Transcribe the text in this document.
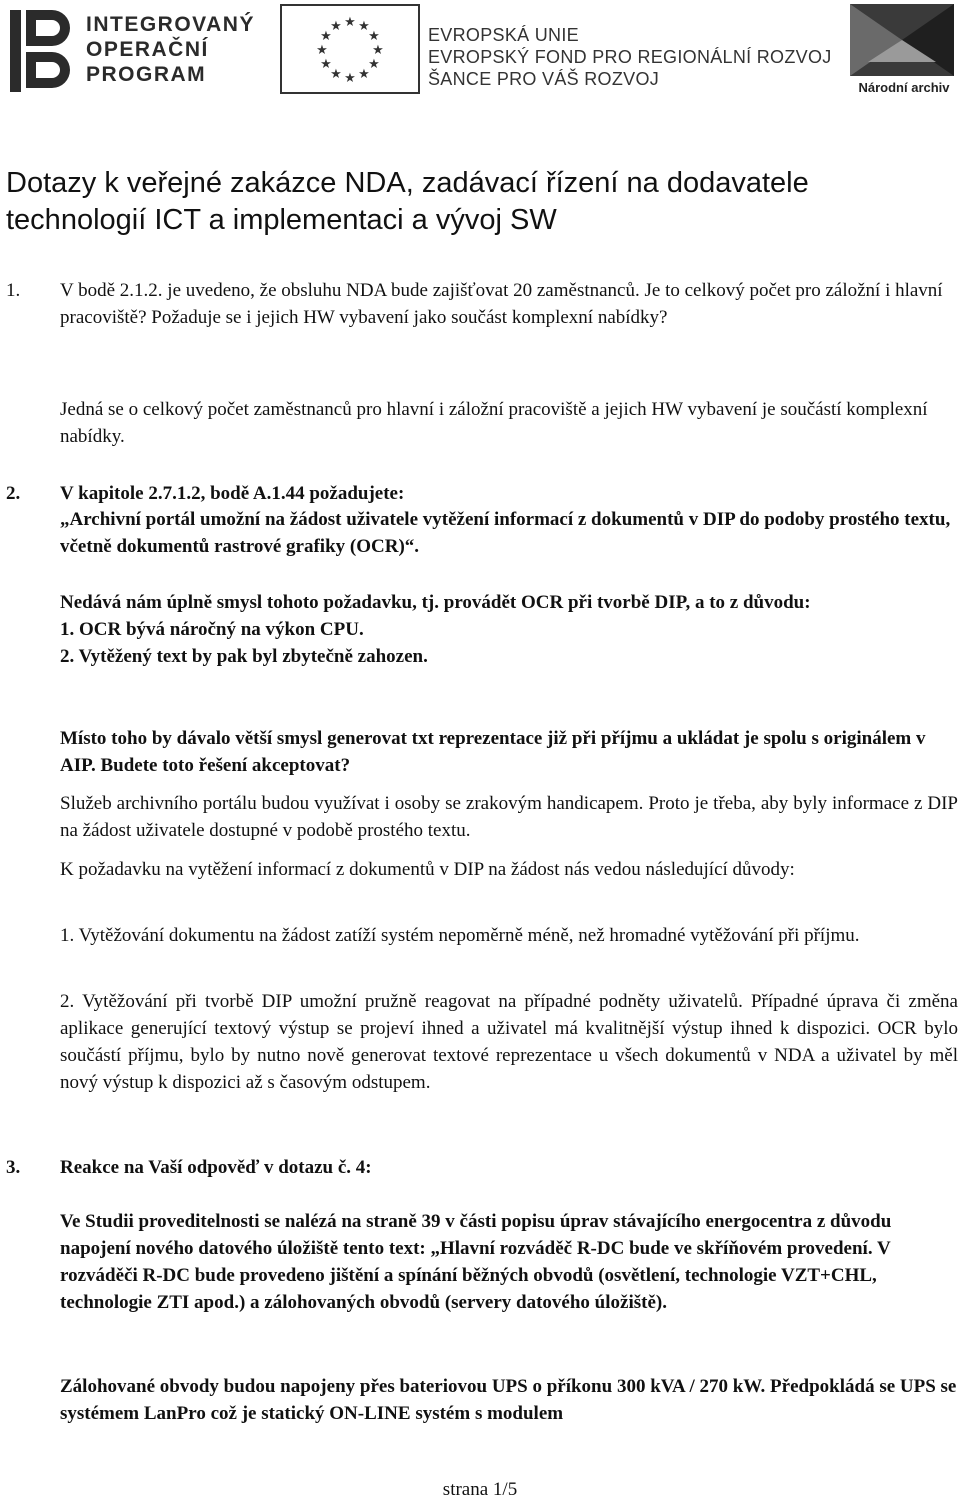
INTEGROVANÝ
OPERAČNÍ
PROGRAM
★ ★
★
★
★
★
★
★
★
★
★
★	EVROPSKÁ UNIE
EVROPSKÝ FOND PRO REGIONÁLNÍ ROZVOJ
ŠANCE PRO VÁŠ ROZVOJ	Národní archiv
Dotazy k veřejné zakázce NDA, zadávací řízení na dodavatele
technologií ICT a implementaci a vývoj SW
1. V bodě 2.1.2. je uvedeno, že obsluhu NDA bude zajišťovat 20 zaměstnanců. Je to celkový počet pro záložní i hlavní pracoviště? Požaduje se i jejich HW vybavení jako součást komplexní nabídky?
Jedná se o celkový počet zaměstnanců pro hlavní i záložní pracoviště a jejich HW vybavení je součástí komplexní nabídky.
2. V kapitole 2.7.1.2, bodě A.1.44 požadujete:
„Archivní portál umožní na žádost uživatele vytěžení informací z dokumentů v DIP do podoby prostého textu, včetně dokumentů rastrové grafiky (OCR)“.
Nedává nám úplně smysl tohoto požadavku, tj. provádět OCR při tvorbě DIP, a to z důvodu:
1. OCR bývá náročný na výkon CPU.
2. Vytěžený text by pak byl zbytečně zahozen.
Místo toho by dávalo větší smysl generovat txt reprezentace již při příjmu a ukládat je spolu s originálem v AIP. Budete toto řešení akceptovat?
Služeb archivního portálu budou využívat i osoby se zrakovým handicapem. Proto je třeba, aby byly informace z DIP na žádost uživatele dostupné v podobě prostého textu.
K požadavku na vytěžení informací z dokumentů v DIP na žádost nás vedou následující důvody:
1. Vytěžování dokumentu na žádost zatíží systém nepoměrně méně, než hromadné vytěžování při příjmu.
2. Vytěžování při tvorbě DIP umožní pružně reagovat na případné podněty uživatelů. Případné úprava či změna aplikace generující textový výstup se projeví ihned a uživatel má kvalitnější výstup ihned k dispozici. OCR bylo součástí příjmu, bylo by nutno nově generovat textové reprezentace u všech dokumentů v NDA a uživatel by měl nový výstup k dispozici až s časovým odstupem.
3. Reakce na Vaší odpověď v dotazu č. 4:
Ve Studii proveditelnosti se nalézá na straně 39 v části popisu úprav stávajícího energocentra z důvodu napojení nového datového úložiště tento text: „Hlavní rozváděč R-DC bude ve skříňovém provedení. V rozváděči R-DC bude provedeno jištění a spínání běžných obvodů (osvětlení, technologie VZT+CHL, technologie ZTI apod.) a zálohovaných obvodů (servery datového úložiště).
Zálohované obvody budou napojeny přes bateriovou UPS o příkonu 300 kVA / 270 kW. Předpokládá se UPS se systémem LanPro což je statický ON-LINE systém s modulem
strana 1/5
